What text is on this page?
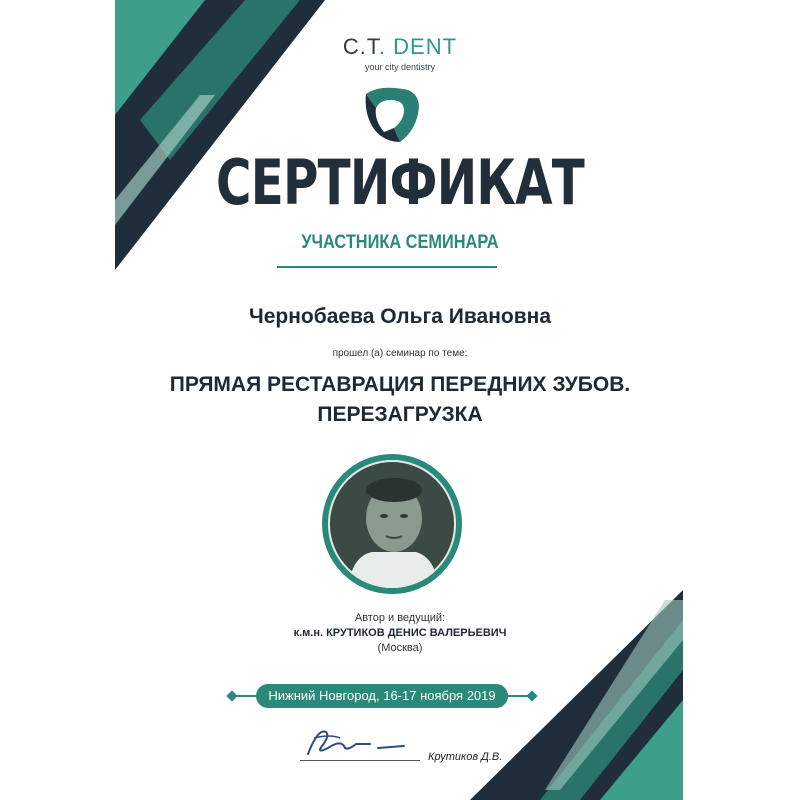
C.T. DENT
your city dentistry
СЕРТИФИКАТ
УЧАСТНИКА СЕМИНАРА
Чернобаева Ольга Ивановна
прошел (а) семинар по теме:
ПРЯМАЯ РЕСТАВРАЦИЯ ПЕРЕДНИХ ЗУБОВ.
ПЕРЕЗАГРУЗКА
Автор и ведущий:
к.м.н. КРУТИКОВ ДЕНИС ВАЛЕРЬЕВИЧ
(Москва)
Нижний Новгород, 16-17 ноября 2019
Крутиков Д.В.
